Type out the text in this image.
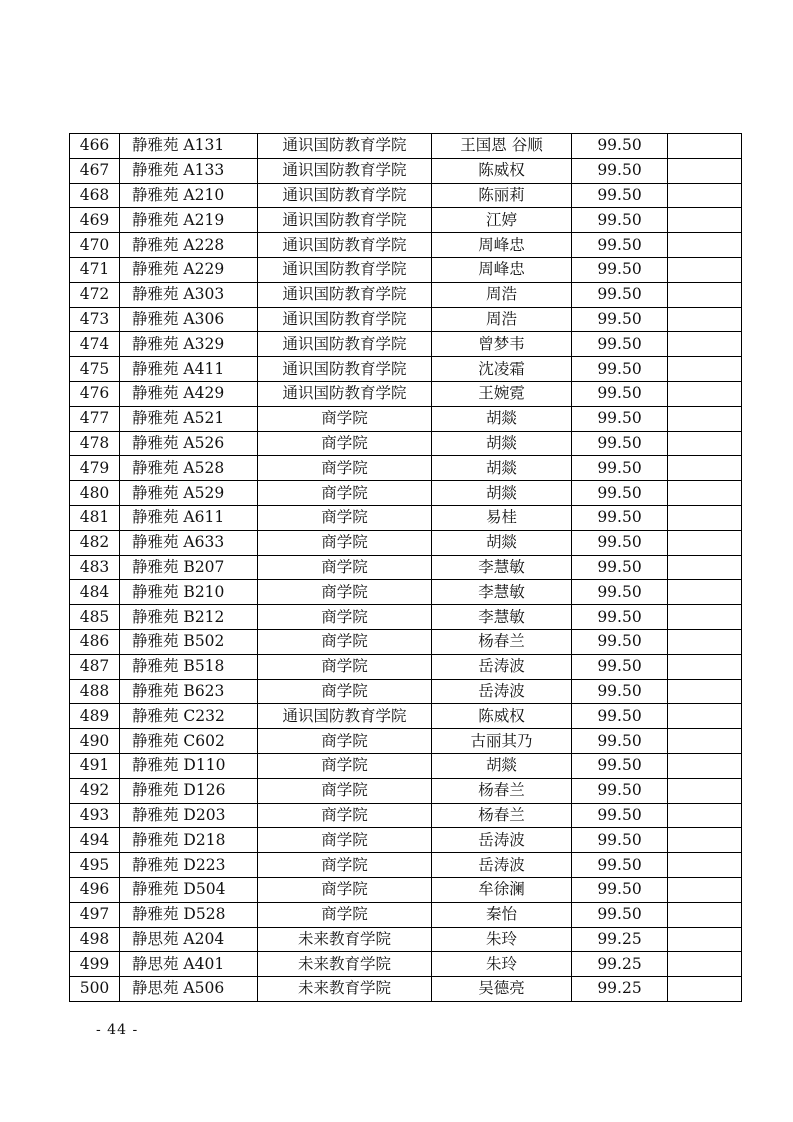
466	静雅苑 A131	通识国防教育学院	王国恩 谷顺	99.50	
467	静雅苑 A133	通识国防教育学院	陈威权	99.50	
468	静雅苑 A210	通识国防教育学院	陈丽莉	99.50	
469	静雅苑 A219	通识国防教育学院	江婷	99.50	
470	静雅苑 A228	通识国防教育学院	周峰忠	99.50	
471	静雅苑 A229	通识国防教育学院	周峰忠	99.50	
472	静雅苑 A303	通识国防教育学院	周浩	99.50	
473	静雅苑 A306	通识国防教育学院	周浩	99.50	
474	静雅苑 A329	通识国防教育学院	曾梦韦	99.50	
475	静雅苑 A411	通识国防教育学院	沈凌霜	99.50	
476	静雅苑 A429	通识国防教育学院	王婉霓	99.50	
477	静雅苑 A521	商学院	胡燚	99.50	
478	静雅苑 A526	商学院	胡燚	99.50	
479	静雅苑 A528	商学院	胡燚	99.50	
480	静雅苑 A529	商学院	胡燚	99.50	
481	静雅苑 A611	商学院	易桂	99.50	
482	静雅苑 A633	商学院	胡燚	99.50	
483	静雅苑 B207	商学院	李慧敏	99.50	
484	静雅苑 B210	商学院	李慧敏	99.50	
485	静雅苑 B212	商学院	李慧敏	99.50	
486	静雅苑 B502	商学院	杨春兰	99.50	
487	静雅苑 B518	商学院	岳涛波	99.50	
488	静雅苑 B623	商学院	岳涛波	99.50	
489	静雅苑 C232	通识国防教育学院	陈威权	99.50	
490	静雅苑 C602	商学院	古丽其乃	99.50	
491	静雅苑 D110	商学院	胡燚	99.50	
492	静雅苑 D126	商学院	杨春兰	99.50	
493	静雅苑 D203	商学院	杨春兰	99.50	
494	静雅苑 D218	商学院	岳涛波	99.50	
495	静雅苑 D223	商学院	岳涛波	99.50	
496	静雅苑 D504	商学院	牟徐澜	99.50	
497	静雅苑 D528	商学院	秦怡	99.50	
498	静思苑 A204	未来教育学院	朱玲	99.25	
499	静思苑 A401	未来教育学院	朱玲	99.25	
500	静思苑 A506	未来教育学院	吴德亮	99.25	
- 44 -
